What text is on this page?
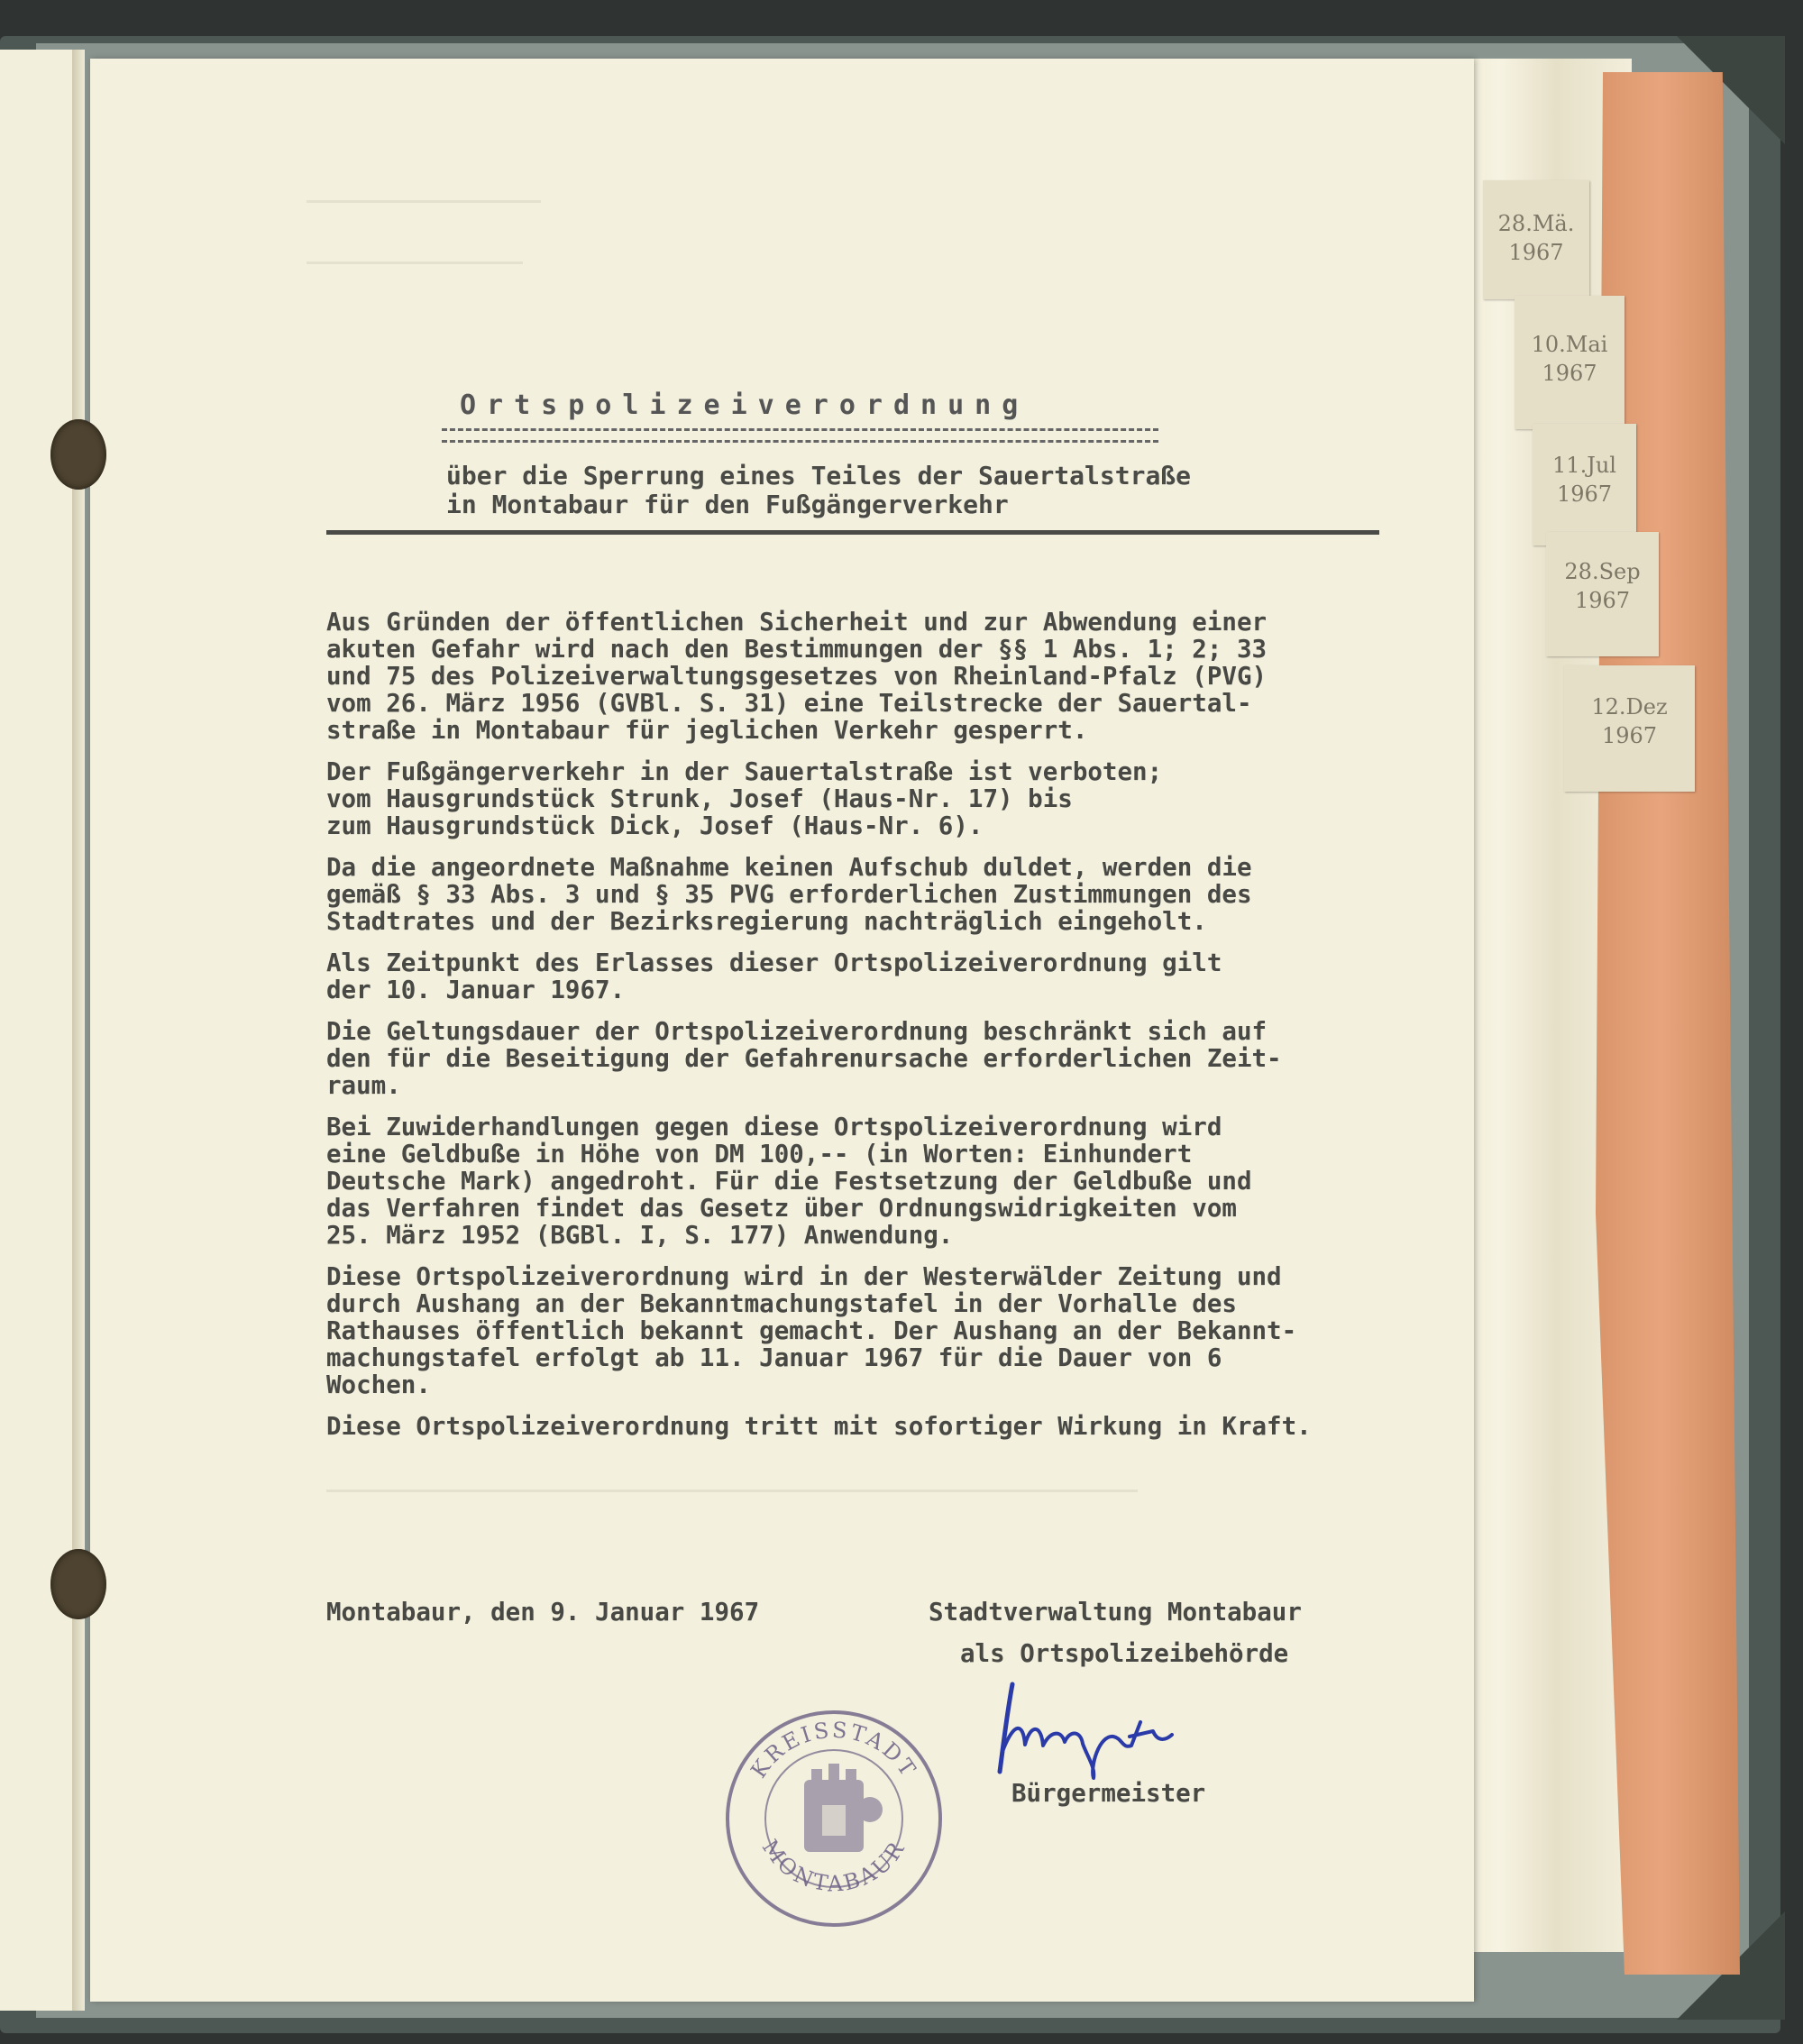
28.Mä.
1967
10.Mai
1967
11.Jul
1967
28.Sep
1967
12.Dez
1967
Ortspolizeiverordnung
über die Sperrung eines Teiles der Sauertalstraße
in Montabaur für den Fußgängerverkehr

Aus Gründen der öffentlichen Sicherheit und zur Abwendung einer
akuten Gefahr wird nach den Bestimmungen der §§ 1 Abs. 1; 2; 33
und 75 des Polizeiverwaltungsgesetzes von Rheinland-Pfalz (PVG)
vom 26. März 1956 (GVBl. S. 31) eine Teilstrecke der Sauertal-
straße in Montabaur für jeglichen Verkehr gesperrt.

Der Fußgängerverkehr in der Sauertalstraße ist verboten;
vom Hausgrundstück Strunk, Josef (Haus-Nr. 17) bis
zum Hausgrundstück Dick, Josef (Haus-Nr. 6).

Da die angeordnete Maßnahme keinen Aufschub duldet, werden die
gemäß § 33 Abs. 3 und § 35 PVG erforderlichen Zustimmungen des
Stadtrates und der Bezirksregierung nachträglich eingeholt.

Als Zeitpunkt des Erlasses dieser Ortspolizeiverordnung gilt
der 10. Januar 1967.

Die Geltungsdauer der Ortspolizeiverordnung beschränkt sich auf
den für die Beseitigung der Gefahrenursache erforderlichen Zeit-
raum.

Bei Zuwiderhandlungen gegen diese Ortspolizeiverordnung wird
eine Geldbuße in Höhe von DM 100,-- (in Worten: Einhundert
Deutsche Mark) angedroht. Für die Festsetzung der Geldbuße und
das Verfahren findet das Gesetz über Ordnungswidrigkeiten vom
25. März 1952 (BGBl. I, S. 177) Anwendung.

Diese Ortspolizeiverordnung wird in der Westerwälder Zeitung und
durch Aushang an der Bekanntmachungstafel in der Vorhalle des
Rathauses öffentlich bekannt gemacht. Der Aushang an der Bekannt-
machungstafel erfolgt ab 11. Januar 1967 für die Dauer von 6
Wochen.

Diese Ortspolizeiverordnung tritt mit sofortiger Wirkung in Kraft.

Montabaur, den 9. Januar 1967	Stadtverwaltung Montabaur
als Ortspolizeibehörde
Bürgermeister
KREISSTADT
MONTABAUR
